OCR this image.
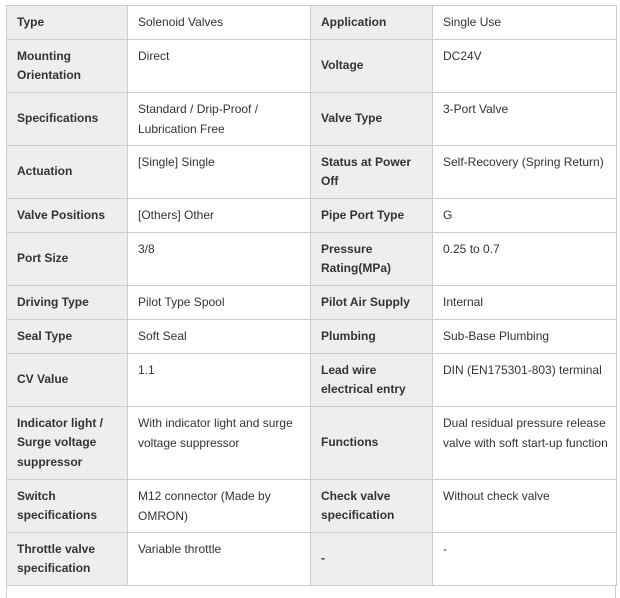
Type	Solenoid Valves	Application	Single Use
Mounting Orientation	Direct	Voltage	DC24V
Specifications	Standard / Drip-Proof / Lubrication Free	Valve Type	3-Port Valve
Actuation	[Single] Single	Status at Power Off	Self-Recovery (Spring Return)
Valve Positions	[Others] Other	Pipe Port Type	G
Port Size	3/8	Pressure Rating(MPa)	0.25 to 0.7
Driving Type	Pilot Type Spool	Pilot Air Supply	Internal
Seal Type	Soft Seal	Plumbing	Sub-Base Plumbing
CV Value	1.1	Lead wire electrical entry	DIN (EN175301-803) terminal
Indicator light / Surge voltage suppressor	With indicator light and surge voltage suppressor	Functions	Dual residual pressure release valve with soft start-up function
Switch specifications	M12 connector (Made by OMRON)	Check valve specification	Without check valve
Throttle valve specification	Variable throttle	-	-
